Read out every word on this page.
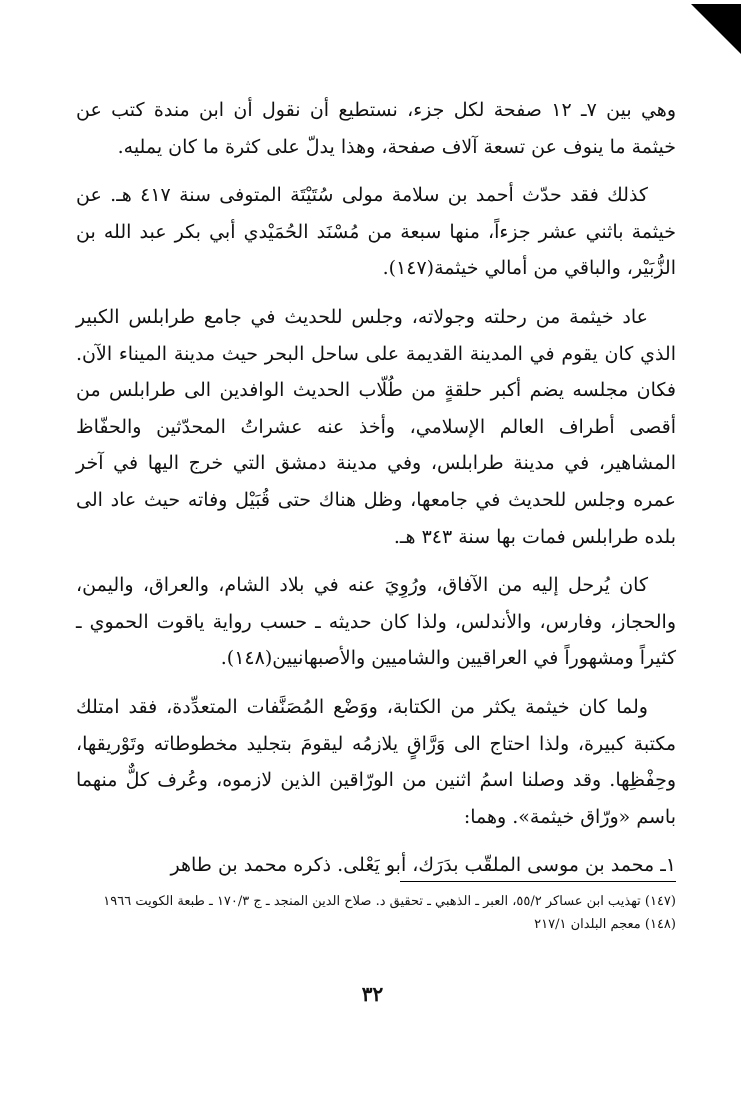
وهي بين ٧ـ ١٢ صفحة لكل جزء، نستطيع أن نقول أن ابن مندة كتب عن خيثمة ما ينوف عن تسعة آلاف صفحة، وهذا يدلّ على كثرة ما كان يمليه.

كذلك فقد حدّث أحمد بن سلامة مولى سُتَيْتَة المتوفى سنة ٤١٧ هـ. عن خيثمة باثني عشر جزءاً، منها سبعة من مُسْنَد الحُمَيْدي أبي بكر عبد الله بن الزُّبَيْر، والباقي من أمالي خيثمة(١٤٧).

عاد خيثمة من رحلته وجولاته، وجلس للحديث في جامع طرابلس الكبير الذي كان يقوم في المدينة القديمة على ساحل البحر حيث مدينة الميناء الآن. فكان مجلسه يضم أكبر حلقةٍ من طُلّاب الحديث الوافدين الى طرابلس من أقصى أطراف العالم الإسلامي، وأخذ عنه عشراتُ المحدّثين والحفّاظ المشاهير، في مدينة طرابلس، وفي مدينة دمشق التي خرج اليها في آخر عمره وجلس للحديث في جامعها، وظل هناك حتى قُبَيْل وفاته حيث عاد الى بلده طرابلس فمات بها سنة ٣٤٣ هـ.

كان يُرحل إليه من الآفاق، ورُوِيَ عنه في بلاد الشام، والعراق، واليمن، والحجاز، وفارس، والأندلس، ولذا كان حديثه ـ حسب رواية ياقوت الحموي ـ كثيراً ومشهوراً في العراقيين والشاميين والأصبهانيين(١٤٨).

ولما كان خيثمة يكثر من الكتابة، ووَضْع المُصَنَّفات المتعدِّدة، فقد امتلك مكتبة كبيرة، ولذا احتاج الى وَرَّاقٍ يلازمُه ليقومَ بتجليد مخطوطاته وتَوْريقها، وحِفْظِها. وقد وصلنا اسمُ اثنين من الورّاقين الذين لازموه، وعُرف كلٌّ منهما باسم «ورّاق خيثمة». وهما:

١ـ محمد بن موسى الملقّب بدَرَك، أبو يَعْلى. ذكره محمد بن طاهر

(١٤٧) تهذيب ابن عساكر ٥٥/٢، العبر ـ الذهبي ـ تحقيق د. صلاح الدين المنجد ـ ج ١٧٠/٣ ـ طبعة الكويت ١٩٦٦

(١٤٨) معجم البلدان ٢١٧/١

٣٢
